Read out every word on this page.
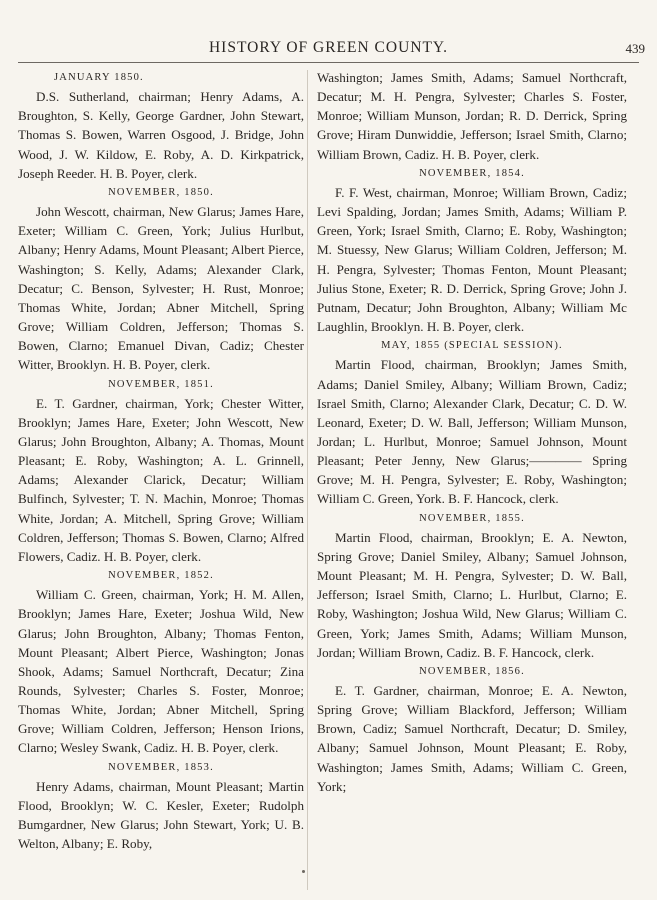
HISTORY OF GREEN COUNTY.	439

JANUARY 1850.

D.S. Sutherland, chairman; Henry Adams, A. Broughton, S. Kelly, George Gardner, John Stewart, Thomas S. Bowen, Warren Osgood, J. Bridge, John Wood, J. W. Kildow, E. Roby, A. D. Kirkpatrick, Joseph Reeder. H. B. Poyer, clerk.

NOVEMBER, 1850.

John Wescott, chairman, New Glarus; James Hare, Exeter; William C. Green, York; Julius Hurlbut, Albany; Henry Adams, Mount Pleasant; Albert Pierce, Washington; S. Kelly, Adams; Alexander Clark, Decatur; C. Benson, Sylvester; H. Rust, Monroe; Thomas White, Jordan; Abner Mitchell, Spring Grove; William Coldren, Jefferson; Thomas S. Bowen, Clarno; Emanuel Divan, Cadiz; Chester Witter, Brooklyn. H. B. Poyer, clerk.

NOVEMBER, 1851.

E. T. Gardner, chairman, York; Chester Witter, Brooklyn; James Hare, Exeter; John Wescott, New Glarus; John Broughton, Albany; A. Thomas, Mount Pleasant; E. Roby, Washington; A. L. Grinnell, Adams; Alexander Clarick, Decatur; William Bulfinch, Sylvester; T. N. Machin, Monroe; Thomas White, Jordan; A. Mitchell, Spring Grove; William Coldren, Jefferson; Thomas S. Bowen, Clarno; Alfred Flowers, Cadiz. H. B. Poyer, clerk.

NOVEMBER, 1852.

William C. Green, chairman, York; H. M. Allen, Brooklyn; James Hare, Exeter; Joshua Wild, New Glarus; John Broughton, Albany; Thomas Fenton, Mount Pleasant; Albert Pierce, Washington; Jonas Shook, Adams; Samuel Northcraft, Decatur; Zina Rounds, Sylvester; Charles S. Foster, Monroe; Thomas White, Jordan; Abner Mitchell, Spring Grove; William Coldren, Jefferson; Henson Irions, Clarno; Wesley Swank, Cadiz. H. B. Poyer, clerk.

NOVEMBER, 1853.

Henry Adams, chairman, Mount Pleasant; Martin Flood, Brooklyn; W. C. Kesler, Exeter; Rudolph Bumgardner, New Glarus; John Stewart, York; U. B. Welton, Albany; E. Roby,

Washington; James Smith, Adams; Samuel Northcraft, Decatur; M. H. Pengra, Sylvester; Charles S. Foster, Monroe; William Munson, Jordan; R. D. Derrick, Spring Grove; Hiram Dunwiddie, Jefferson; Israel Smith, Clarno; William Brown, Cadiz. H. B. Poyer, clerk.

NOVEMBER, 1854.

F. F. West, chairman, Monroe; William Brown, Cadiz; Levi Spalding, Jordan; James Smith, Adams; William P. Green, York; Israel Smith, Clarno; E. Roby, Washington; M. Stuessy, New Glarus; William Coldren, Jefferson; M. H. Pengra, Sylvester; Thomas Fenton, Mount Pleasant; Julius Stone, Exeter; R. D. Derrick, Spring Grove; John J. Putnam, Decatur; John Broughton, Albany; William Mc Laughlin, Brooklyn. H. B. Poyer, clerk.

MAY, 1855 (SPECIAL SESSION).

Martin Flood, chairman, Brooklyn; James Smith, Adams; Daniel Smiley, Albany; William Brown, Cadiz; Israel Smith, Clarno; Alexander Clark, Decatur; C. D. W. Leonard, Exeter; D. W. Ball, Jefferson; William Munson, Jordan; L. Hurlbut, Monroe; Samuel Johnson, Mount Pleasant; Peter Jenny, New Glarus;———— Spring Grove; M. H. Pengra, Sylvester; E. Roby, Washington; William C. Green, York. B. F. Hancock, clerk.

NOVEMBER, 1855.

Martin Flood, chairman, Brooklyn; E. A. Newton, Spring Grove; Daniel Smiley, Albany; Samuel Johnson, Mount Pleasant; M. H. Pengra, Sylvester; D. W. Ball, Jefferson; Israel Smith, Clarno; L. Hurlbut, Clarno; E. Roby, Washington; Joshua Wild, New Glarus; William C. Green, York; James Smith, Adams; William Munson, Jordan; William Brown, Cadiz. B. F. Hancock, clerk.

NOVEMBER, 1856.

E. T. Gardner, chairman, Monroe; E. A. Newton, Spring Grove; William Blackford, Jefferson; William Brown, Cadiz; Samuel Northcraft, Decatur; D. Smiley, Albany; Samuel Johnson, Mount Pleasant; E. Roby, Washington; James Smith, Adams; William C. Green, York;
